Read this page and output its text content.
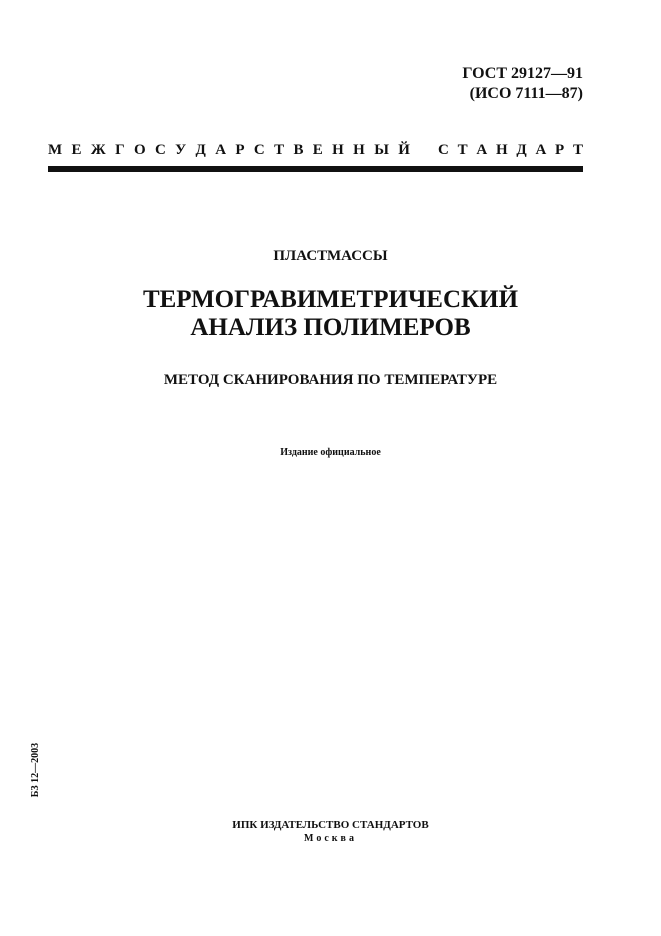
ГОСТ 29127—91
(ИСО 7111—87)
М Е Ж Г О С У Д А Р С Т В Е Н Н Ы Й С Т А Н Д А Р Т
ПЛАСТМАССЫ
ТЕРМОГРАВИМЕТРИЧЕСКИЙ
АНАЛИЗ ПОЛИМЕРОВ
МЕТОД СКАНИРОВАНИЯ ПО ТЕМПЕРАТУРЕ
Издание официальное
БЗ 12—2003
ИПК ИЗДАТЕЛЬСТВО СТАНДАРТОВ
Москва
